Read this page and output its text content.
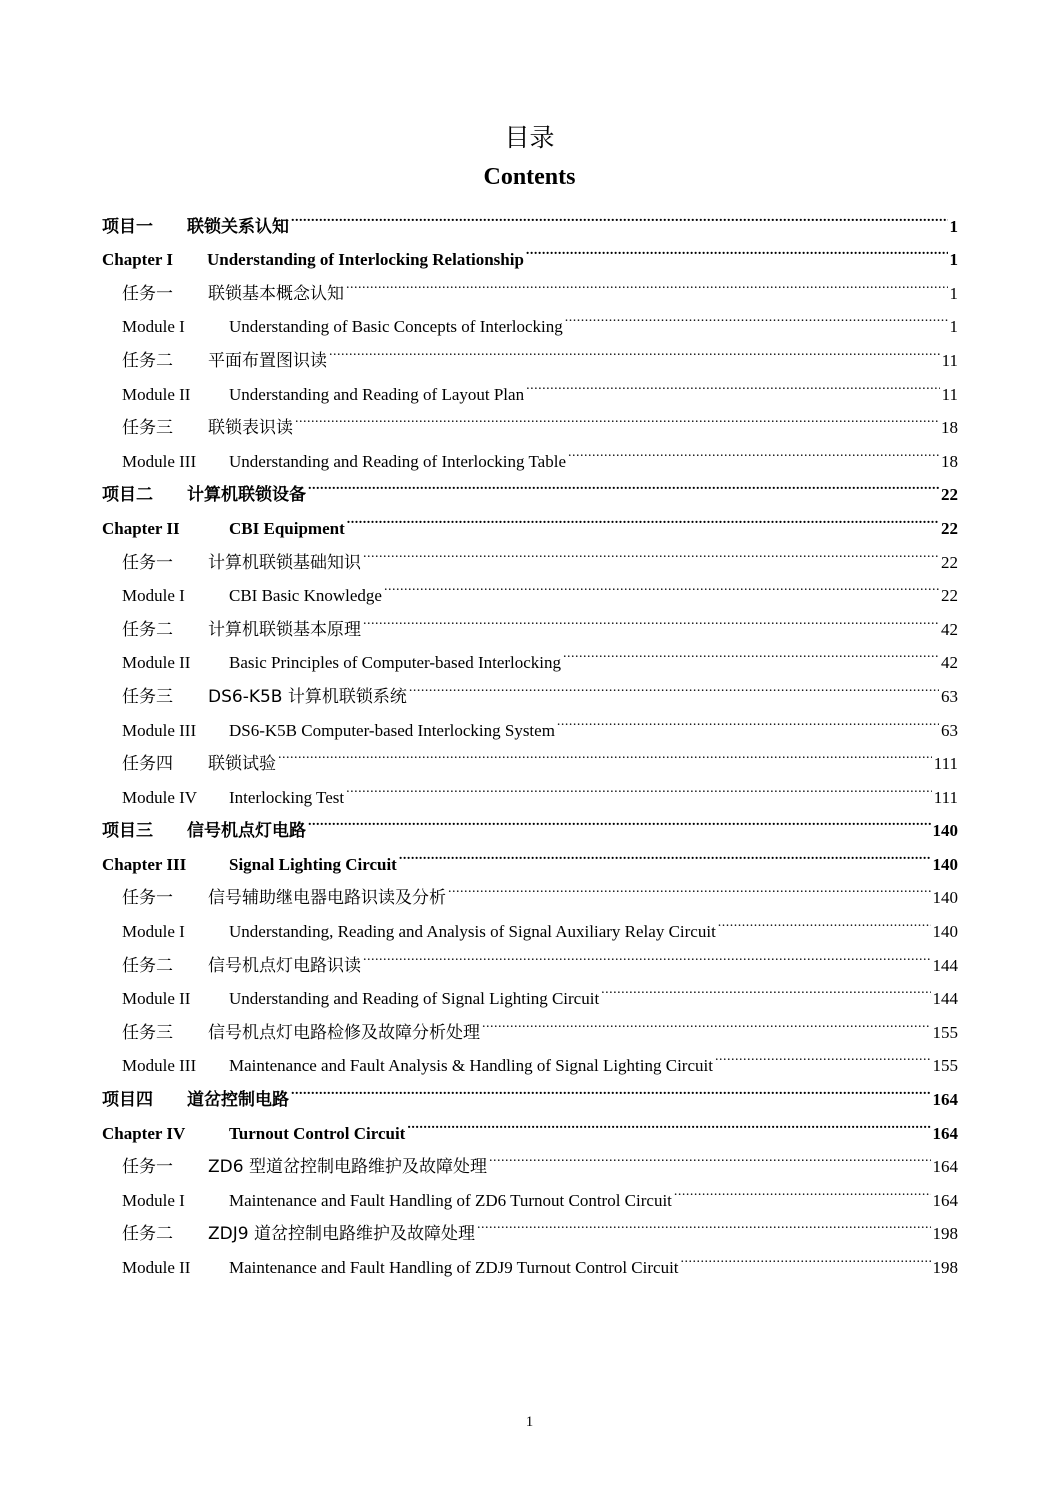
目录
Contents
项目一	联锁关系认知 .....	1
Chapter I	Understanding of Interlocking Relationship .....	1
任务一	联锁基本概念认知 .....	1
Module I	Understanding of Basic Concepts of Interlocking .....	1
任务二	平面布置图识读 .....	11
Module II	Understanding and Reading of Layout Plan .....	11
任务三	联锁表识读 .....	18
Module III	Understanding and Reading of Interlocking Table .....	18
项目二	计算机联锁设备 .....	22
Chapter II	CBI Equipment .....	22
任务一	计算机联锁基础知识 .....	22
Module I	CBI Basic Knowledge .....	22
任务二	计算机联锁基本原理 .....	42
Module II	Basic Principles of Computer-based Interlocking .....	42
任务三	DS6-K5B 计算机联锁系统 .....	63
Module III	DS6-K5B Computer-based Interlocking System .....	63
任务四	联锁试验 .....	111
Module IV	Interlocking Test .....	111
项目三	信号机点灯电路 .....	140
Chapter III	Signal Lighting Circuit .....	140
任务一	信号辅助继电器电路识读及分析 .....	140
Module I	Understanding, Reading and Analysis of Signal Auxiliary Relay Circuit .....	140
任务二	信号机点灯电路识读 .....	144
Module II	Understanding and Reading of Signal Lighting Circuit .....	144
任务三	信号机点灯电路检修及故障分析处理 .....	155
Module III	Maintenance and Fault Analysis & Handling of Signal Lighting Circuit .....	155
项目四	道岔控制电路 .....	164
Chapter IV	Turnout Control Circuit .....	164
任务一	ZD6 型道岔控制电路维护及故障处理 .....	164
Module I	Maintenance and Fault Handling of ZD6 Turnout Control Circuit .....	164
任务二	ZDJ9 道岔控制电路维护及故障处理 .....	198
Module II	Maintenance and Fault Handling of ZDJ9 Turnout Control Circuit .....	198
1
